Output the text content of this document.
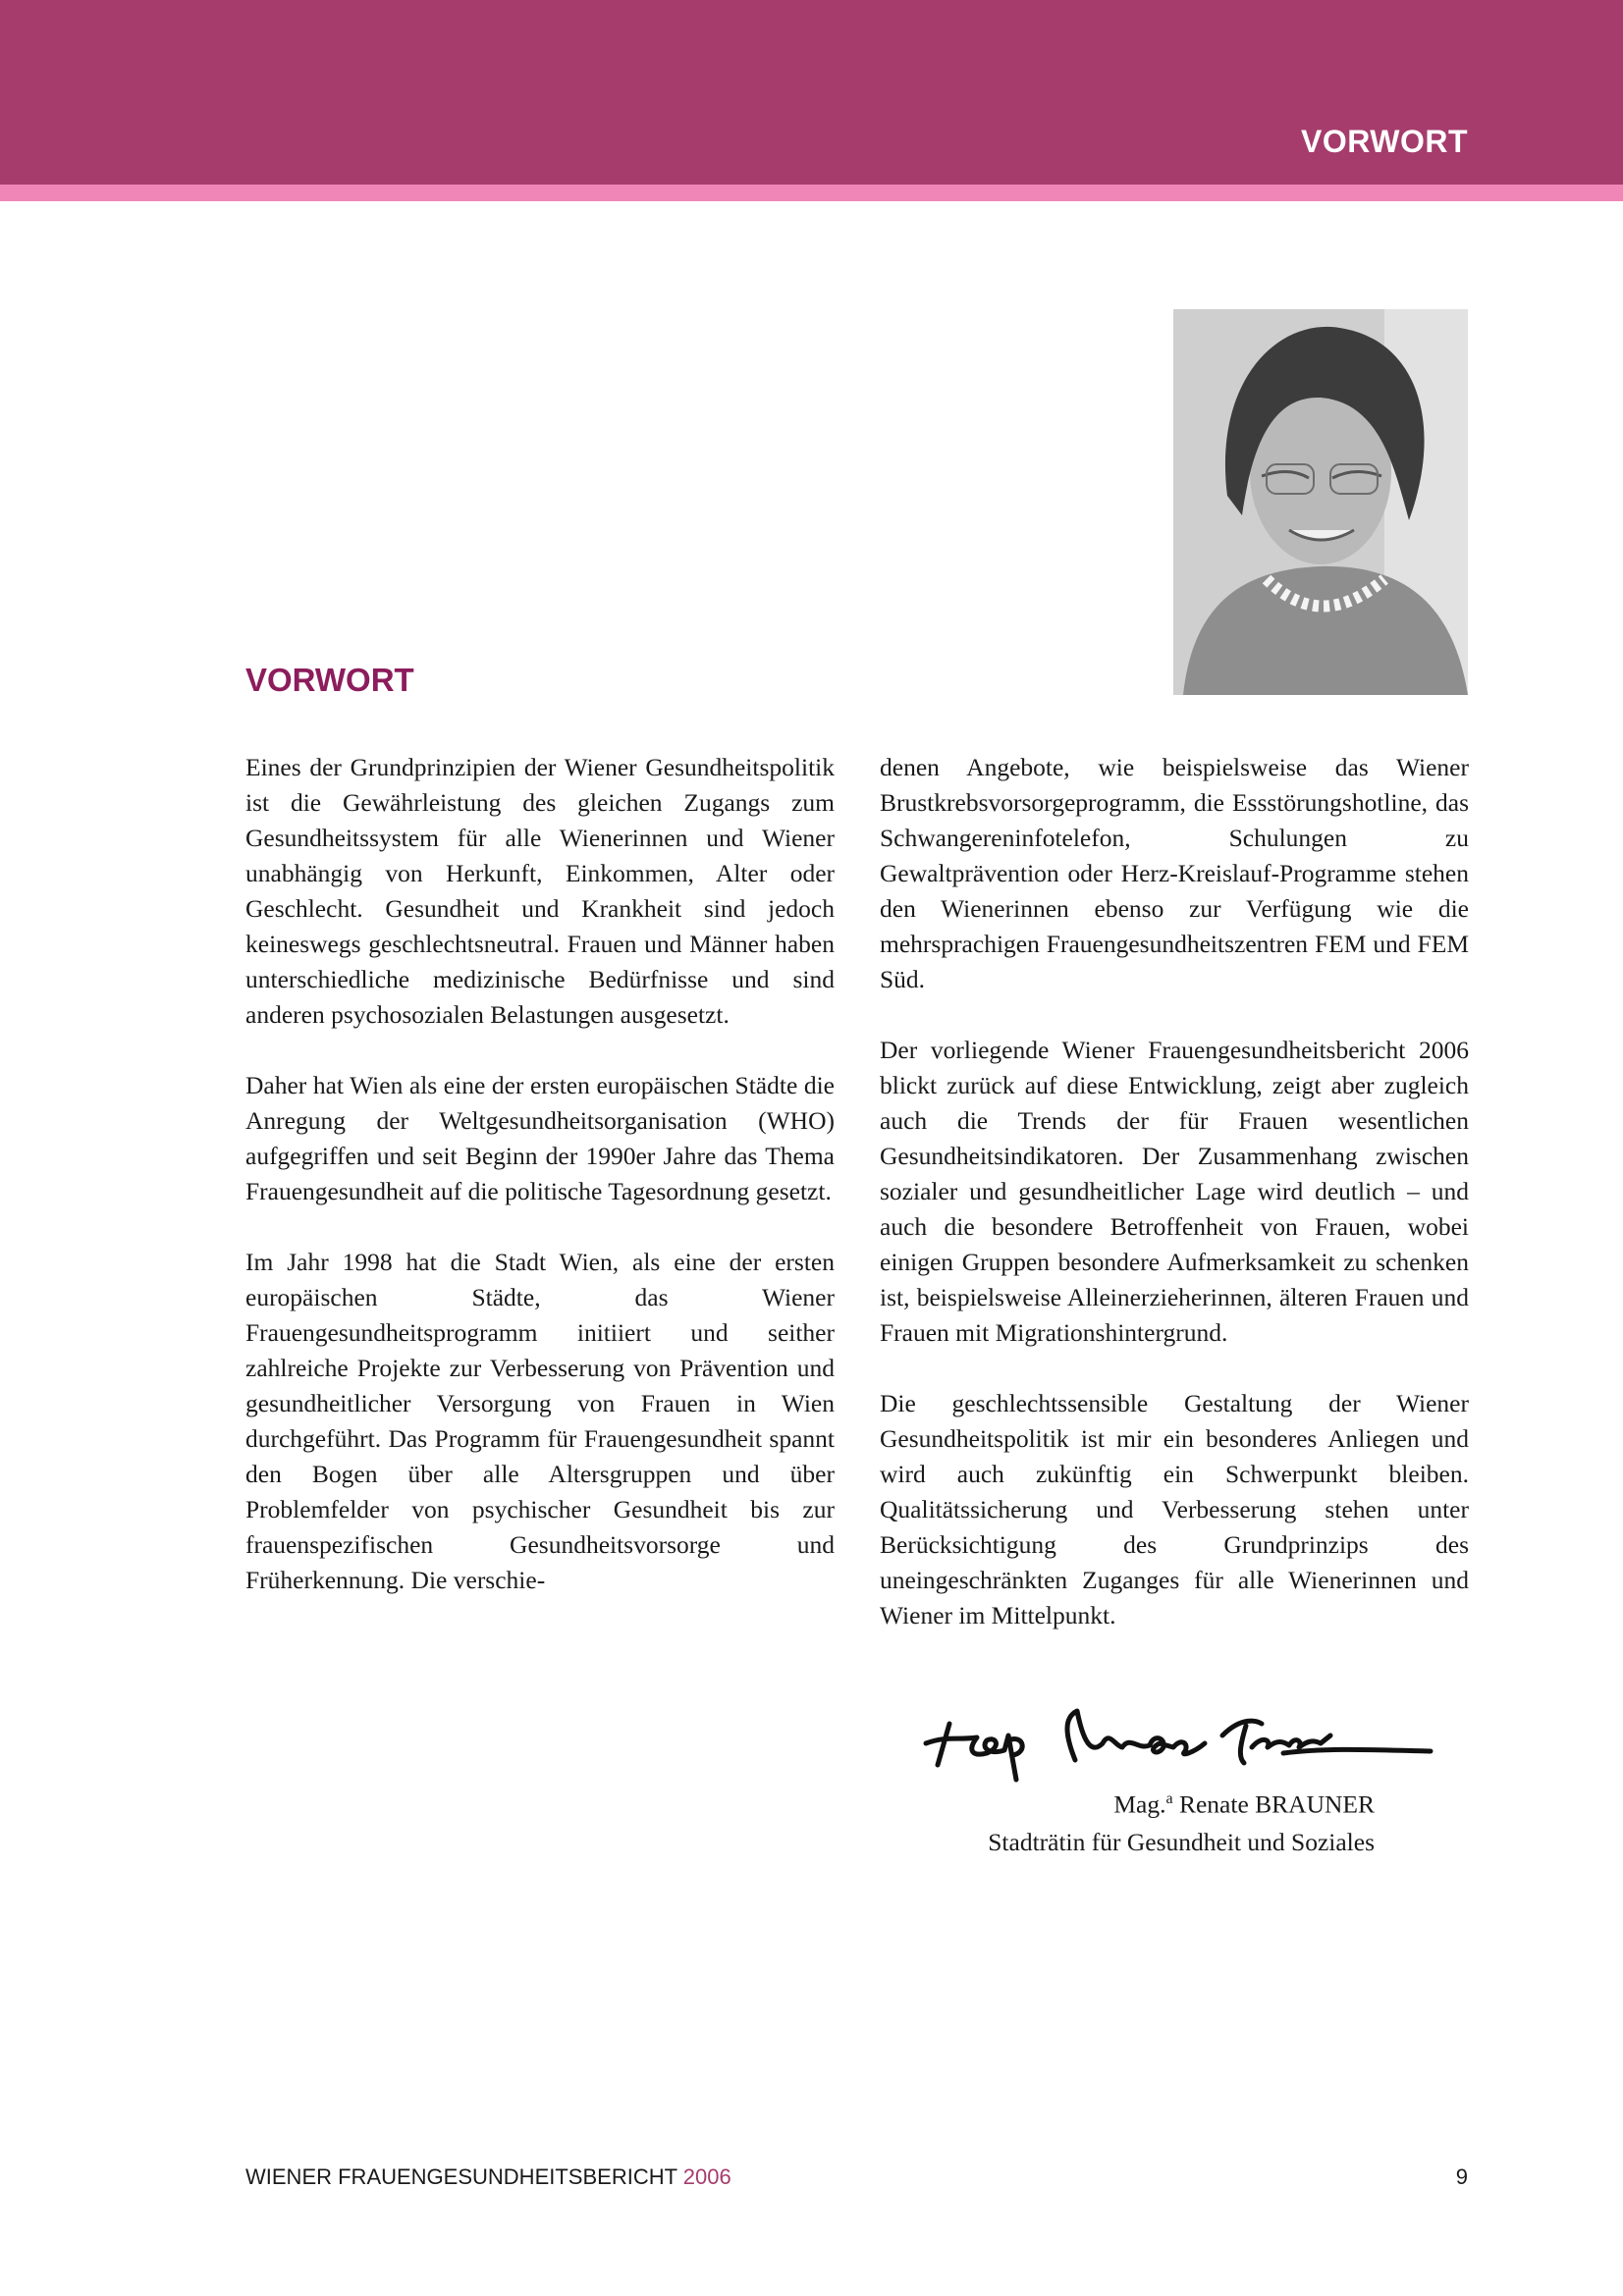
VORWORT
VORWORT

Eines der Grundprinzipien der Wiener Gesundheitspolitik ist die Gewährleistung des gleichen Zugangs zum Gesundheitssystem für alle Wienerinnen und Wiener unabhängig von Herkunft, Einkommen, Alter oder Geschlecht. Gesundheit und Krankheit sind jedoch keineswegs geschlechtsneutral. Frauen und Männer haben unterschiedliche medizinische Bedürfnisse und sind anderen psychosozialen Belastungen ausgesetzt.

Daher hat Wien als eine der ersten europäischen Städte die Anregung der Weltgesundheitsorganisation (WHO) aufgegriffen und seit Beginn der 1990er Jahre das Thema Frauengesundheit auf die politische Tagesordnung gesetzt.

Im Jahr 1998 hat die Stadt Wien, als eine der ersten europäischen Städte, das Wiener Frauengesundheitsprogramm initiiert und seither zahlreiche Projekte zur Verbesserung von Prävention und gesundheitlicher Versorgung von Frauen in Wien durchgeführt. Das Programm für Frauengesundheit spannt den Bogen über alle Altersgruppen und über Problemfelder von psychischer Gesundheit bis zur frauenspezifischen Gesundheitsvorsorge und Früherkennung. Die verschie-

denen Angebote, wie beispielsweise das Wiener Brustkrebsvorsorgeprogramm, die Essstörungshotline, das Schwangereninfotelefon, Schulungen zu Gewaltprävention oder Herz-Kreislauf-Programme stehen den Wienerinnen ebenso zur Verfügung wie die mehrsprachigen Frauengesundheitszentren FEM und FEM Süd.

Der vorliegende Wiener Frauengesundheitsbericht 2006 blickt zurück auf diese Entwicklung, zeigt aber zugleich auch die Trends der für Frauen wesentlichen Gesundheitsindikatoren. Der Zusammenhang zwischen sozialer und gesundheitlicher Lage wird deutlich – und auch die besondere Betroffenheit von Frauen, wobei einigen Gruppen besondere Aufmerksamkeit zu schenken ist, beispielsweise Alleinerzieherinnen, älteren Frauen und Frauen mit Migrationshintergrund.

Die geschlechtssensible Gestaltung der Wiener Gesundheitspolitik ist mir ein besonderes Anliegen und wird auch zukünftig ein Schwerpunkt bleiben. Qualitätssicherung und Verbesserung stehen unter Berücksichtigung des Grundprinzips des uneingeschränkten Zuganges für alle Wienerinnen und Wiener im Mittelpunkt.

Mag.$^a$ Renate BRAUNER
Stadträtin für Gesundheit und Soziales
WIENER FRAUENGESUNDHEITSBERICHT 2006	9
